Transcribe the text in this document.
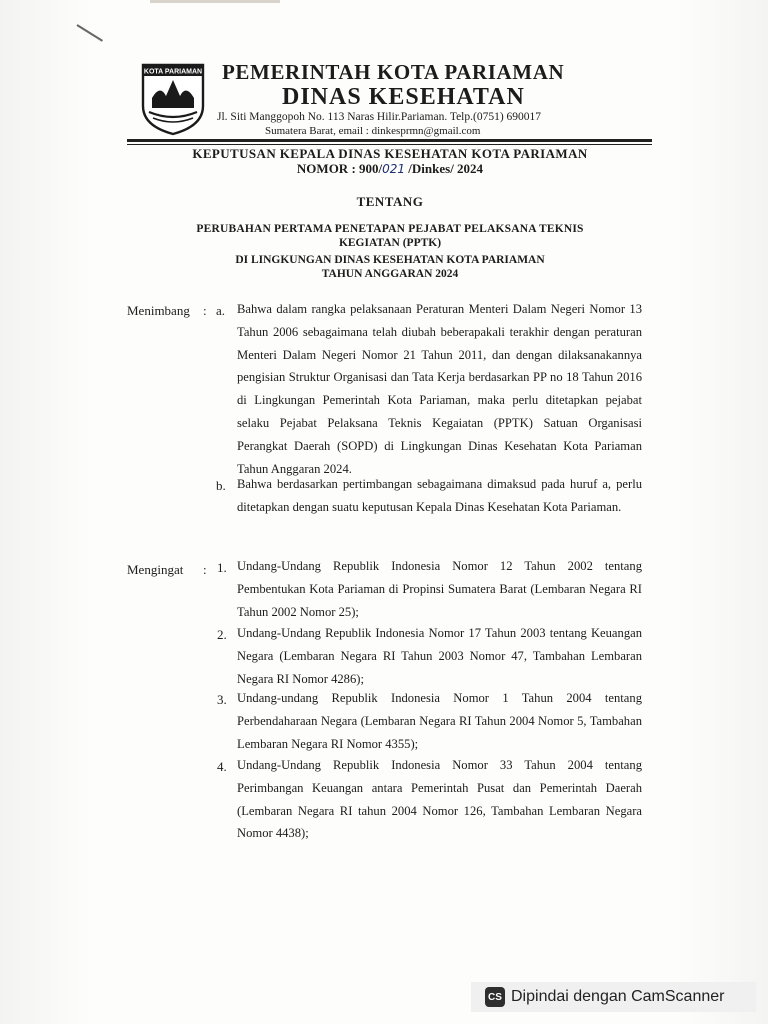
KOTA PARIAMAN PEMERINTAH KOTA PARIAMAN
DINAS KESEHATAN
Jl. Siti Manggopoh No. 113 Naras Hilir.Pariaman. Telp.(0751) 690017
Sumatera Barat, email : dinkesprmn@gmail.com
KEPUTUSAN KEPALA DINAS KESEHATAN KOTA PARIAMAN
NOMOR : 900/021 /Dinkes/ 2024
TENTANG
PERUBAHAN PERTAMA PENETAPAN PEJABAT PELAKSANA TEKNIS
KEGIATAN (PPTK)
DI LINGKUNGAN DINAS KESEHATAN KOTA PARIAMAN
TAHUN ANGGARAN 2024
Menimbang : a. Bahwa dalam rangka pelaksanaan Peraturan Menteri Dalam Negeri Nomor 13 Tahun 2006 sebagaimana telah diubah beberapakali terakhir dengan peraturan Menteri Dalam Negeri Nomor 21 Tahun 2011, dan dengan dilaksanakannya pengisian Struktur Organisasi dan Tata Kerja berdasarkan PP no 18 Tahun 2016 di Lingkungan Pemerintah Kota Pariaman, maka perlu ditetapkan pejabat selaku Pejabat Pelaksana Teknis Kegaiatan (PPTK) Satuan Organisasi Perangkat Daerah (SOPD) di Lingkungan Dinas Kesehatan Kota Pariaman Tahun Anggaran 2024.
b. Bahwa berdasarkan pertimbangan sebagaimana dimaksud pada huruf a, perlu ditetapkan dengan suatu keputusan Kepala Dinas Kesehatan Kota Pariaman.
Mengingat : 1. Undang-Undang Republik Indonesia Nomor 12 Tahun 2002 tentang Pembentukan Kota Pariaman di Propinsi Sumatera Barat (Lembaran Negara RI Tahun 2002 Nomor 25);
2. Undang-Undang Republik Indonesia Nomor 17 Tahun 2003 tentang Keuangan Negara (Lembaran Negara RI Tahun 2003 Nomor 47, Tambahan Lembaran Negara RI Nomor 4286);
3. Undang-undang Republik Indonesia Nomor 1 Tahun 2004 tentang Perbendaharaan Negara (Lembaran Negara RI Tahun 2004 Nomor 5, Tambahan Lembaran Negara RI Nomor 4355);
4. Undang-Undang Republik Indonesia Nomor 33 Tahun 2004 tentang Perimbangan Keuangan antara Pemerintah Pusat dan Pemerintah Daerah (Lembaran Negara RI tahun 2004 Nomor 126, Tambahan Lembaran Negara Nomor 4438);
CS Dipindai dengan CamScanner
